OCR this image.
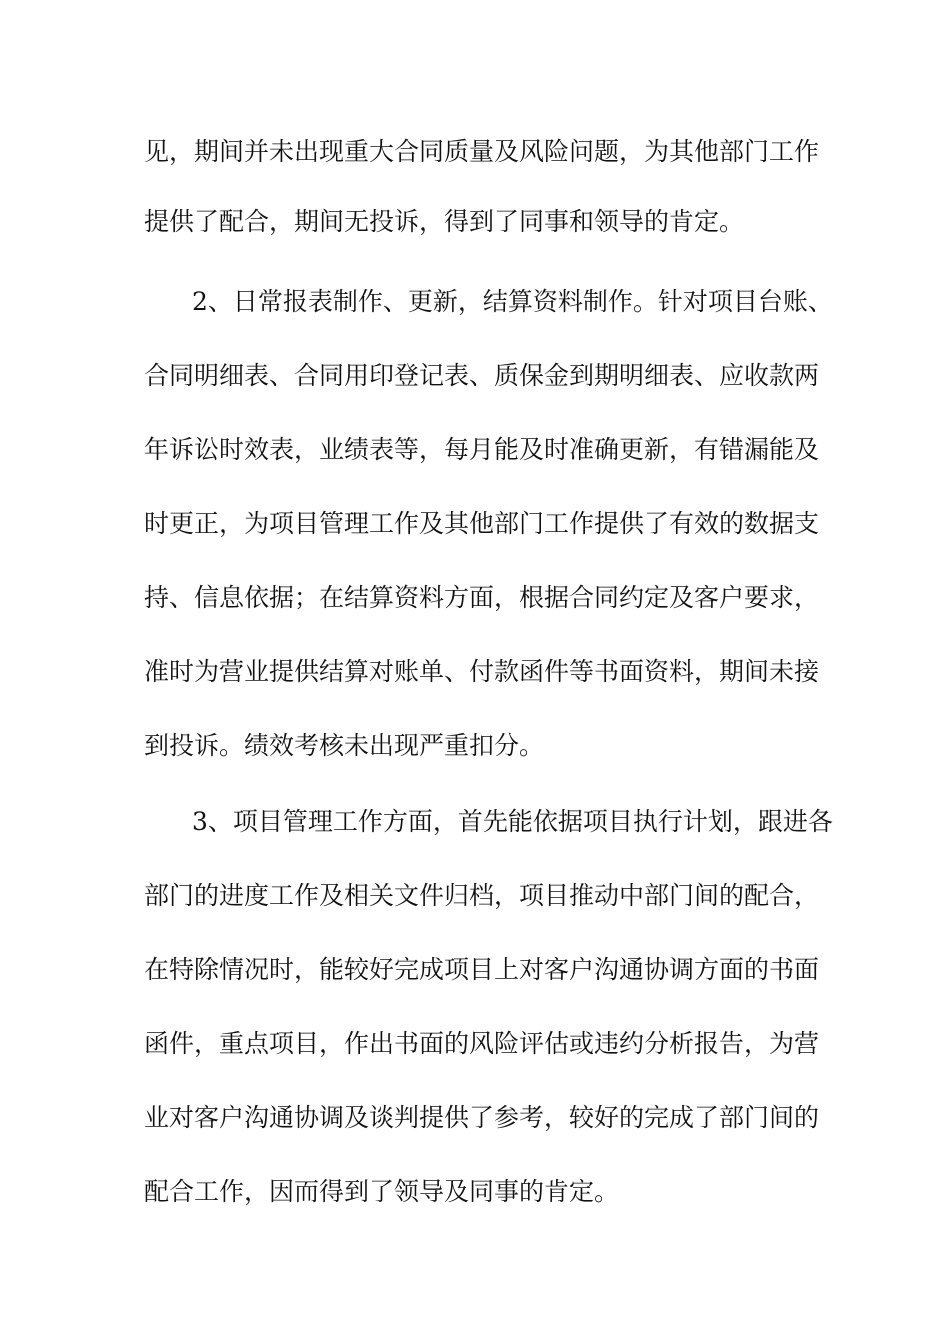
见，期间并未出现重大合同质量及风险问题，为其他部门工作
提供了配合，期间无投诉，得到了同事和领导的肯定。
2、日常报表制作、更新，结算资料制作。针对项目台账、
合同明细表、合同用印登记表、质保金到期明细表、应收款两
年诉讼时效表，业绩表等，每月能及时准确更新，有错漏能及
时更正，为项目管理工作及其他部门工作提供了有效的数据支
持、信息依据；在结算资料方面，根据合同约定及客户要求，
准时为营业提供结算对账单、付款函件等书面资料，期间未接
到投诉。绩效考核未出现严重扣分。
3、项目管理工作方面，首先能依据项目执行计划，跟进各
部门的进度工作及相关文件归档，项目推动中部门间的配合，
在特除情况时，能较好完成项目上对客户沟通协调方面的书面
函件，重点项目，作出书面的风险评估或违约分析报告，为营
业对客户沟通协调及谈判提供了参考，较好的完成了部门间的
配合工作，因而得到了领导及同事的肯定。
